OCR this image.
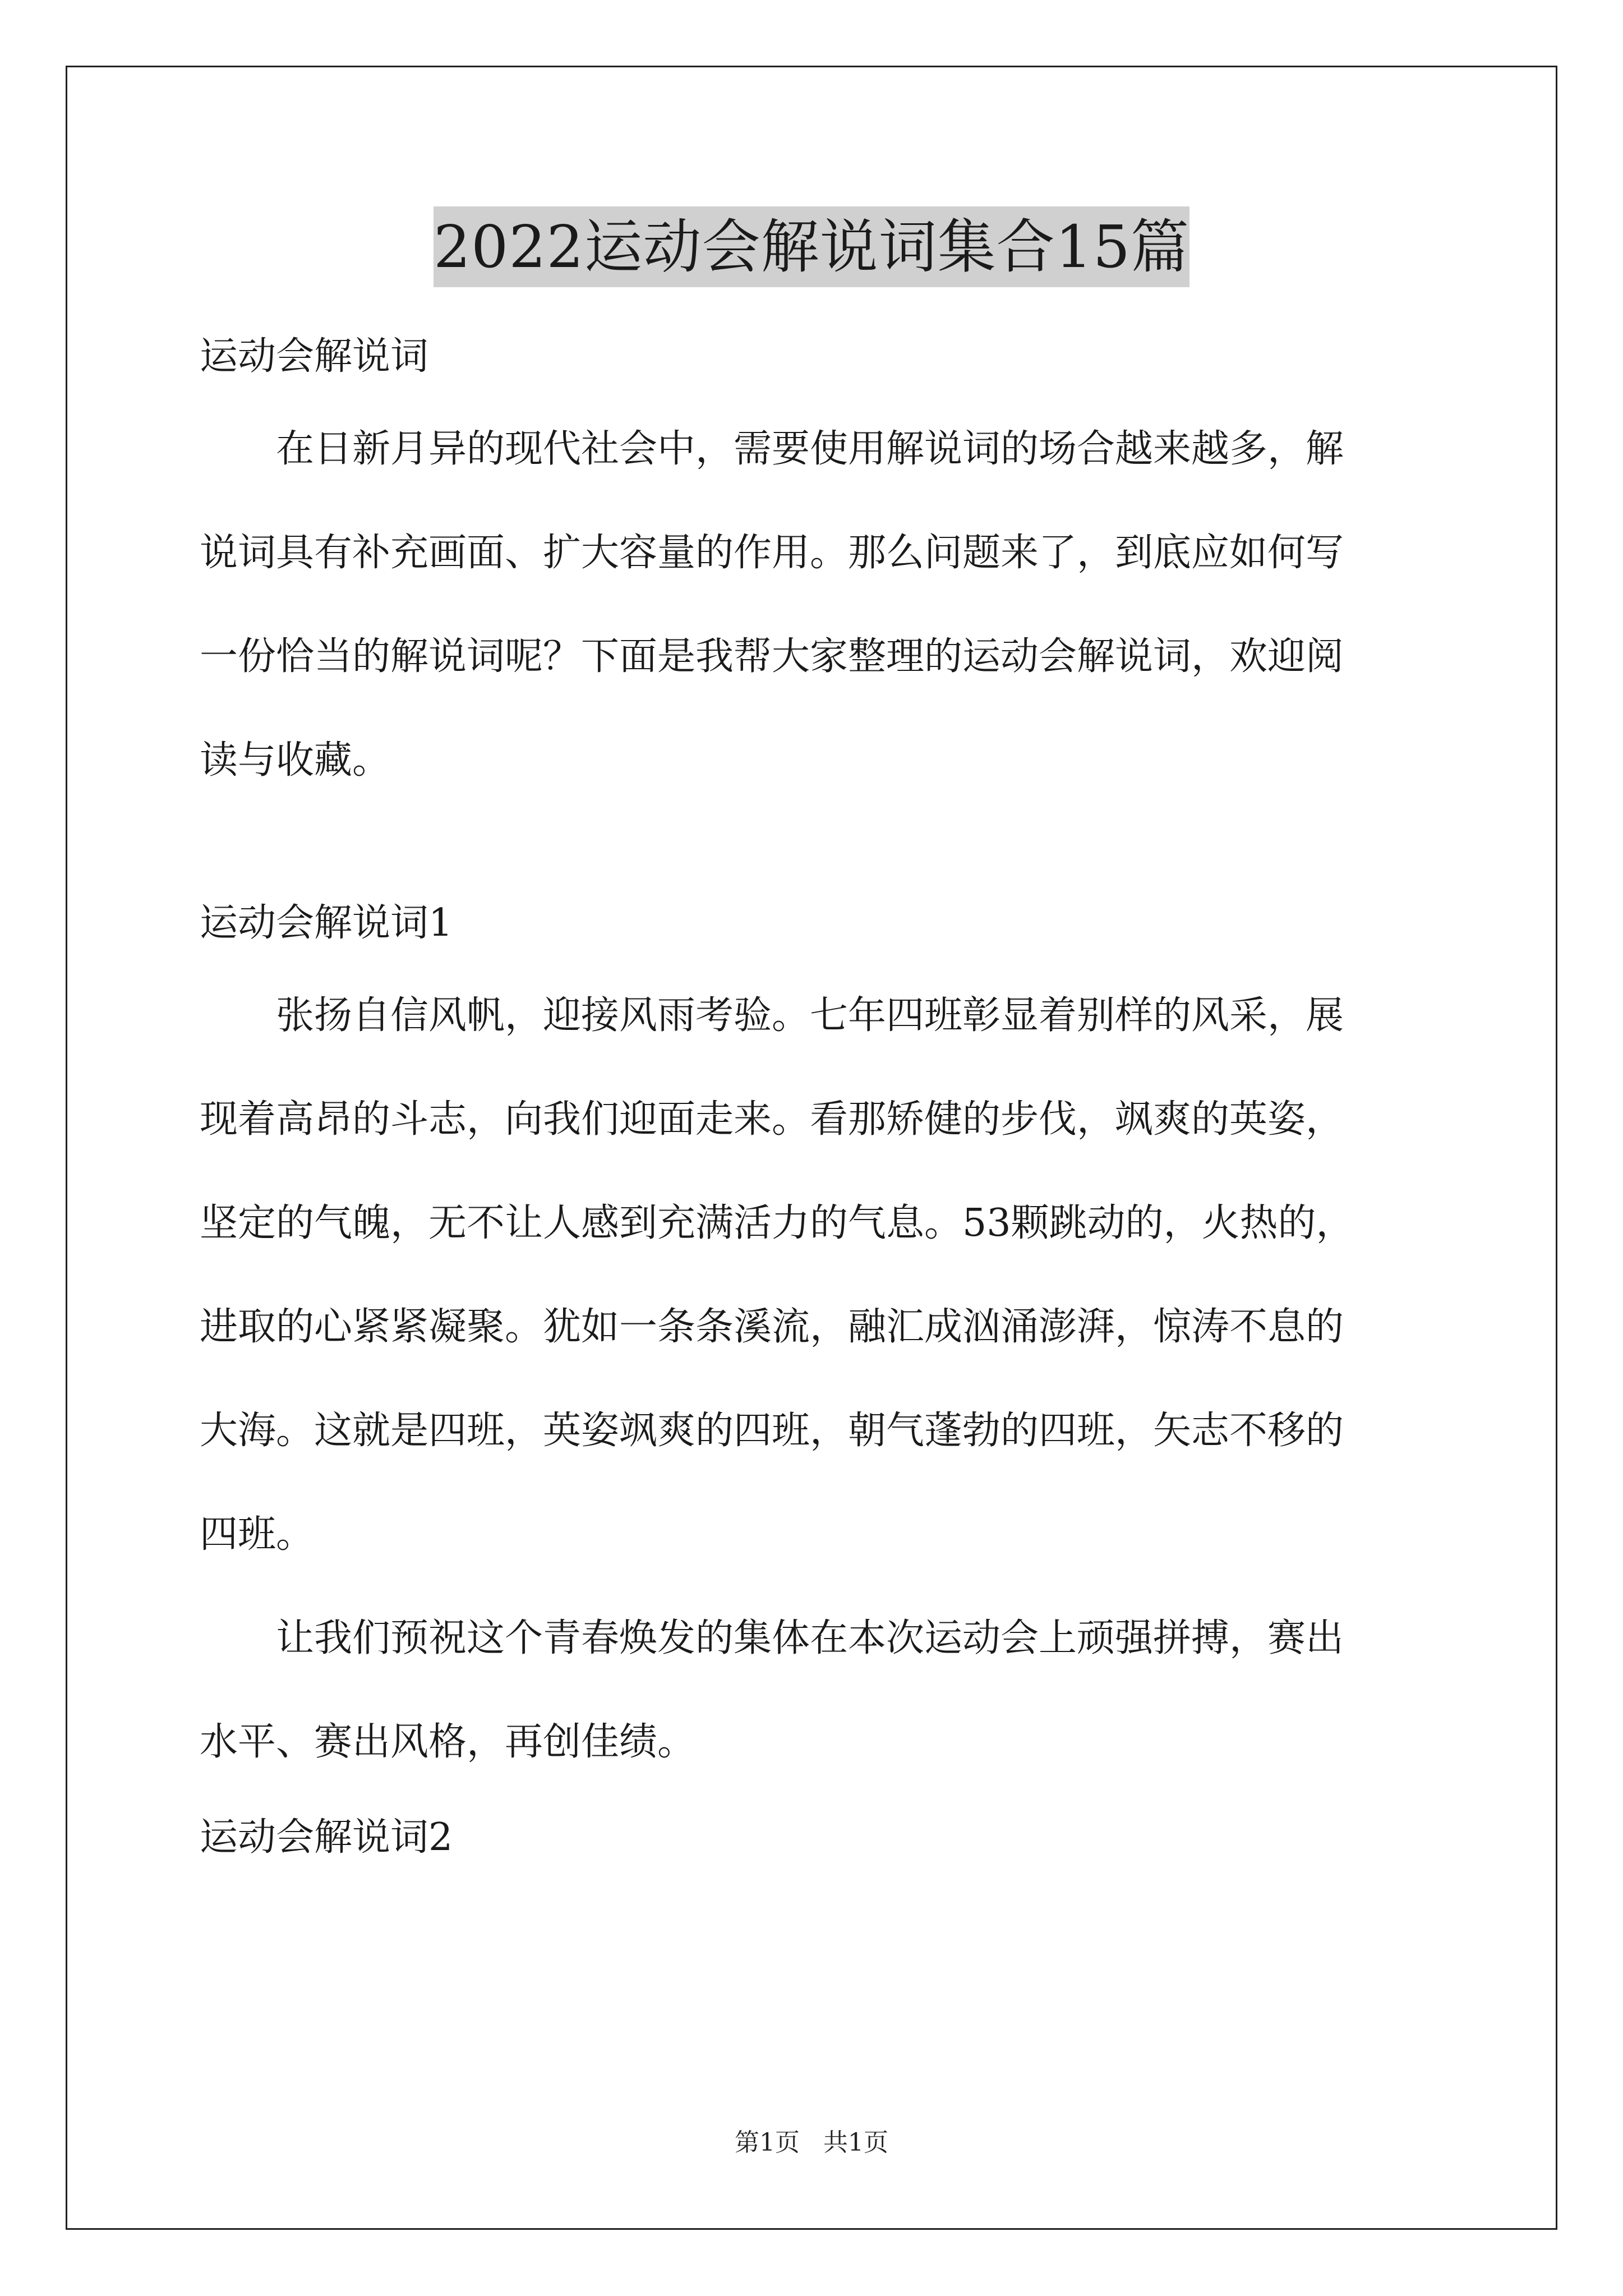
2022运动会解说词集合15篇

运动会解说词

在日新月异的现代社会中，需要使用解说词的场合越来越多，解
说词具有补充画面、扩大容量的作用。那么问题来了，到底应如何写
一份恰当的解说词呢？下面是我帮大家整理的运动会解说词，欢迎阅
读与收藏。

运动会解说词1

张扬自信风帆，迎接风雨考验。七年四班彰显着别样的风采，展
现着高昂的斗志，向我们迎面走来。看那矫健的步伐，飒爽的英姿，
坚定的气魄，无不让人感到充满活力的气息。53颗跳动的，火热的，
进取的心紧紧凝聚。犹如一条条溪流，融汇成汹涌澎湃，惊涛不息的
大海。这就是四班，英姿飒爽的四班，朝气蓬勃的四班，矢志不移的
四班。

让我们预祝这个青春焕发的集体在本次运动会上顽强拼搏，赛出
水平、赛出风格，再创佳绩。

运动会解说词2

第1页 共1页
